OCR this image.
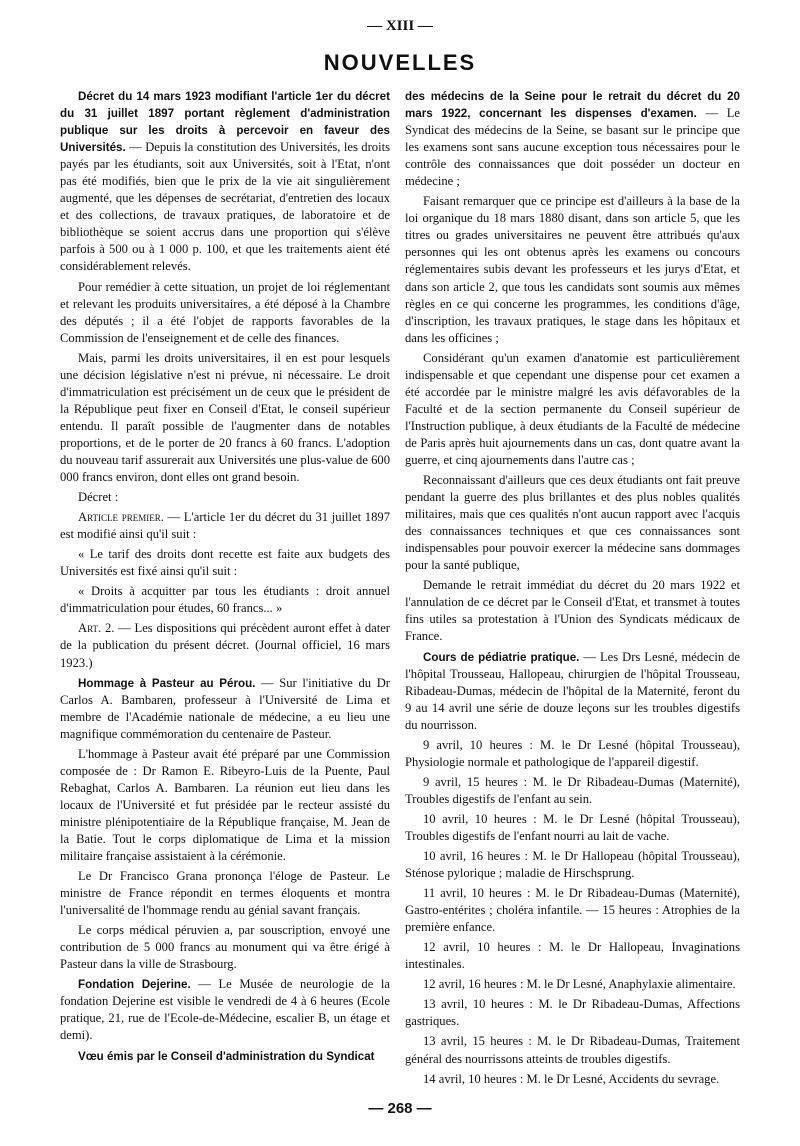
— XIII —
NOUVELLES

Décret du 14 mars 1923 modifiant l'article 1er du décret du 31 juillet 1897 portant règlement d'administration publique sur les droits à percevoir en faveur des Universités. — Depuis la constitution des Universités, les droits payés par les étudiants, soit aux Universités, soit à l'Etat, n'ont pas été modifiés, bien que le prix de la vie ait singulièrement augmenté, que les dépenses de secrétariat, d'entretien des locaux et des collections, de travaux pratiques, de laboratoire et de bibliothèque se soient accrus dans une proportion qui s'élève parfois à 500 ou à 1 000 p. 100, et que les traitements aient été considérablement relevés.

Pour remédier à cette situation, un projet de loi réglementant et relevant les produits universitaires, a été déposé à la Chambre des députés ; il a été l'objet de rapports favorables de la Commission de l'enseignement et de celle des finances.

Mais, parmi les droits universitaires, il en est pour lesquels une décision législative n'est ni prévue, ni nécessaire. Le droit d'immatriculation est précisément un de ceux que le président de la République peut fixer en Conseil d'Etat, le conseil supérieur entendu. Il paraît possible de l'augmenter dans de notables proportions, et de le porter de 20 francs à 60 francs. L'adoption du nouveau tarif assurerait aux Universités une plus-value de 600 000 francs environ, dont elles ont grand besoin.

Décret :

Article premier. — L'article 1er du décret du 31 juillet 1897 est modifié ainsi qu'il suit :

« Le tarif des droits dont recette est faite aux budgets des Universités est fixé ainsi qu'il suit :

« Droits à acquitter par tous les étudiants : droit annuel d'immatriculation pour études, 60 francs... »

Art. 2. — Les dispositions qui précèdent auront effet à dater de la publication du présent décret. (Journal officiel, 16 mars 1923.)

Hommage à Pasteur au Pérou. — Sur l'initiative du Dr Carlos A. Bambaren, professeur à l'Université de Lima et membre de l'Académie nationale de médecine, a eu lieu une magnifique commémoration du centenaire de Pasteur.

L'hommage à Pasteur avait été préparé par une Commission composée de : Dr Ramon E. Ribeyro-Luis de la Puente, Paul Rebaghat, Carlos A. Bambaren. La réunion eut lieu dans les locaux de l'Université et fut présidée par le recteur assisté du ministre plénipotentiaire de la République française, M. Jean de la Batie. Tout le corps diplomatique de Lima et la mission militaire française assistaient à la cérémonie.

Le Dr Francisco Grana prononça l'éloge de Pasteur. Le ministre de France répondit en termes éloquents et montra l'universalité de l'hommage rendu au génial savant français.

Le corps médical péruvien a, par souscription, envoyé une contribution de 5 000 francs au monument qui va être érigé à Pasteur dans la ville de Strasbourg.

Fondation Dejerine. — Le Musée de neurologie de la fondation Dejerine est visible le vendredi de 4 à 6 heures (Ecole pratique, 21, rue de l'Ecole-de-Médecine, escalier B, un étage et demi).

Vœu émis par le Conseil d'administration du Syndicat

des médecins de la Seine pour le retrait du décret du 20 mars 1922, concernant les dispenses d'examen. — Le Syndicat des médecins de la Seine, se basant sur le principe que les examens sont sans aucune exception tous nécessaires pour le contrôle des connaissances que doit posséder un docteur en médecine ;

Faisant remarquer que ce principe est d'ailleurs à la base de la loi organique du 18 mars 1880 disant, dans son article 5, que les titres ou grades universitaires ne peuvent être attribués qu'aux personnes qui les ont obtenus après les examens ou concours réglementaires subis devant les professeurs et les jurys d'Etat, et dans son article 2, que tous les candidats sont soumis aux mêmes règles en ce qui concerne les programmes, les conditions d'âge, d'inscription, les travaux pratiques, le stage dans les hôpitaux et dans les officines ;

Considérant qu'un examen d'anatomie est particulièrement indispensable et que cependant une dispense pour cet examen a été accordée par le ministre malgré les avis défavorables de la Faculté et de la section permanente du Conseil supérieur de l'Instruction publique, à deux étudiants de la Faculté de médecine de Paris après huit ajournements dans un cas, dont quatre avant la guerre, et cinq ajournements dans l'autre cas ;

Reconnaissant d'ailleurs que ces deux étudiants ont fait preuve pendant la guerre des plus brillantes et des plus nobles qualités militaires, mais que ces qualités n'ont aucun rapport avec l'acquis des connaissances techniques et que ces connaissances sont indispensables pour pouvoir exercer la médecine sans dommages pour la santé publique,

Demande le retrait immédiat du décret du 20 mars 1922 et l'annulation de ce décret par le Conseil d'Etat, et transmet à toutes fins utiles sa protestation à l'Union des Syndicats médicaux de France.

Cours de pédiatrie pratique. — Les Drs Lesné, médecin de l'hôpital Trousseau, Hallopeau, chirurgien de l'hôpital Trousseau, Ribadeau-Dumas, médecin de l'hôpital de la Maternité, feront du 9 au 14 avril une série de douze leçons sur les troubles digestifs du nourrisson.

9 avril, 10 heures : M. le Dr Lesné (hôpital Trousseau), Physiologie normale et pathologique de l'appareil digestif.

9 avril, 15 heures : M. le Dr Ribadeau-Dumas (Maternité), Troubles digestifs de l'enfant au sein.

10 avril, 10 heures : M. le Dr Lesné (hôpital Trousseau), Troubles digestifs de l'enfant nourri au lait de vache.

10 avril, 16 heures : M. le Dr Hallopeau (hôpital Trousseau), Sténose pylorique ; maladie de Hirschsprung.

11 avril, 10 heures : M. le Dr Ribadeau-Dumas (Maternité), Gastro-entérites ; choléra infantile. — 15 heures : Atrophies de la première enfance.

12 avril, 10 heures : M. le Dr Hallopeau, Invaginations intestinales.

12 avril, 16 heures : M. le Dr Lesné, Anaphylaxie alimentaire.

13 avril, 10 heures : M. le Dr Ribadeau-Dumas, Affections gastriques.

13 avril, 15 heures : M. le Dr Ribadeau-Dumas, Traitement général des nourrissons atteints de troubles digestifs.

14 avril, 10 heures : M. le Dr Lesné, Accidents du sevrage.

— 268 —
